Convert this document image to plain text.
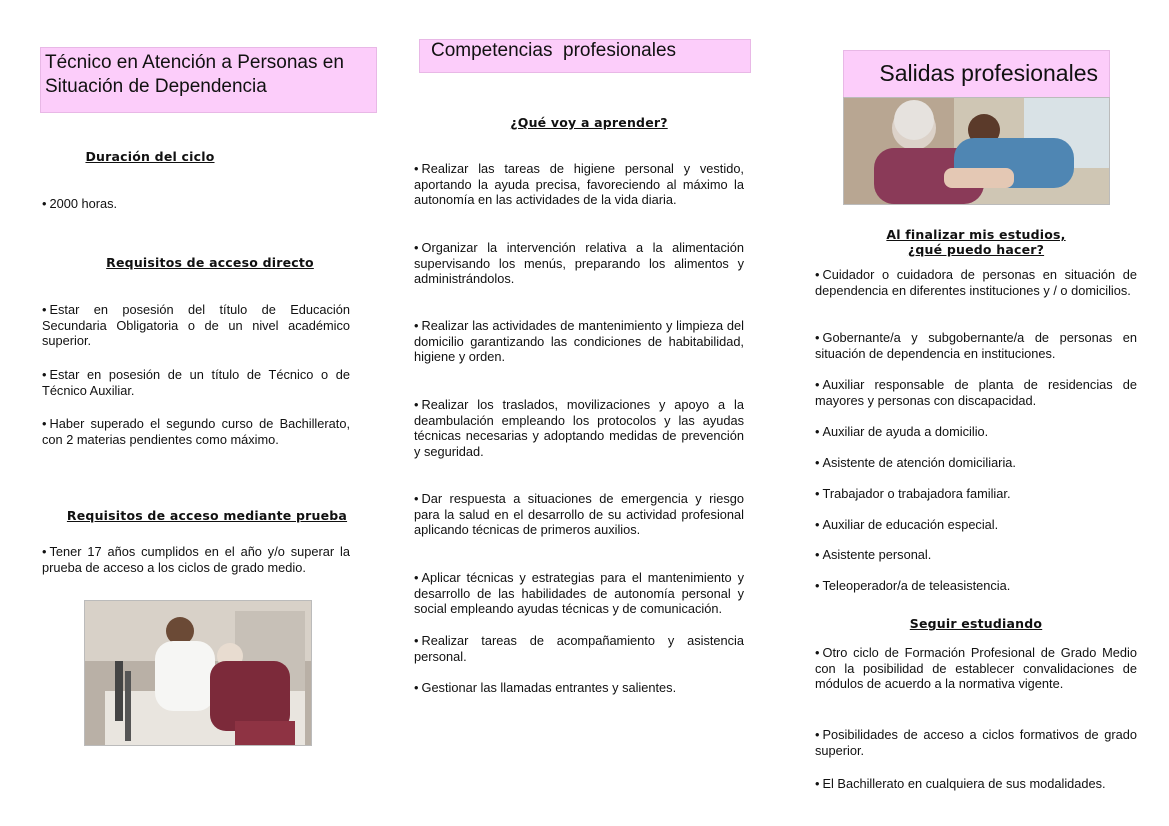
Técnico en Atención a Personas en Situación de Dependencia
Duración del ciclo
• 2000 horas.
Requisitos de acceso directo
• Estar en posesión del título de Educación Secundaria Obligatoria o de un nivel académico superior.
• Estar en posesión de un título de Técnico o de Técnico Auxiliar.
• Haber superado el segundo curso de Bachillerato, con 2 materias pendientes como máximo.
Requisitos de acceso mediante prueba
• Tener 17 años cumplidos en el año y/o superar la prueba de acceso a los ciclos de grado medio.
Competencias  profesionales
¿Qué voy a aprender?
• Realizar las tareas de higiene personal y vestido, aportando la ayuda precisa, favoreciendo al máximo la autonomía en las actividades de la vida diaria.
• Organizar la intervención relativa a la alimentación supervisando los menús, preparando los alimentos y administrándolos.
• Realizar las actividades de mantenimiento y limpieza del domicilio garantizando las condiciones de habitabilidad, higiene y orden.
• Realizar los traslados, movilizaciones y apoyo a la deambulación empleando los protocolos y las ayudas técnicas necesarias y adoptando medidas de prevención y seguridad.
• Dar respuesta a situaciones de emergencia y riesgo para la salud en el desarrollo de su actividad profesional aplicando técnicas de primeros auxilios.
• Aplicar técnicas y estrategias para el mantenimiento y desarrollo de las habilidades de autonomía personal y social empleando ayudas técnicas y de comunicación.
• Realizar tareas de acompañamiento y asistencia personal.
• Gestionar las llamadas entrantes y salientes.
Salidas profesionales
Al finalizar mis estudios,
¿qué puedo hacer?
• Cuidador o cuidadora de personas en situación de dependencia en diferentes instituciones y / o domicilios.
• Gobernante/a y subgobernante/a de personas en situación de dependencia en instituciones.
• Auxiliar responsable de planta de residencias de mayores y personas con discapacidad.
• Auxiliar de ayuda a domicilio.
• Asistente de atención domiciliaria.
• Trabajador o trabajadora familiar.
• Auxiliar de educación especial.
• Asistente personal.
• Teleoperador/a de teleasistencia.
Seguir estudiando
• Otro ciclo de Formación Profesional de Grado Medio con la posibilidad de establecer convalidaciones de módulos de acuerdo a la normativa vigente.
• Posibilidades de acceso a ciclos formativos de grado superior.
• El Bachillerato en cualquiera de sus modalidades.
